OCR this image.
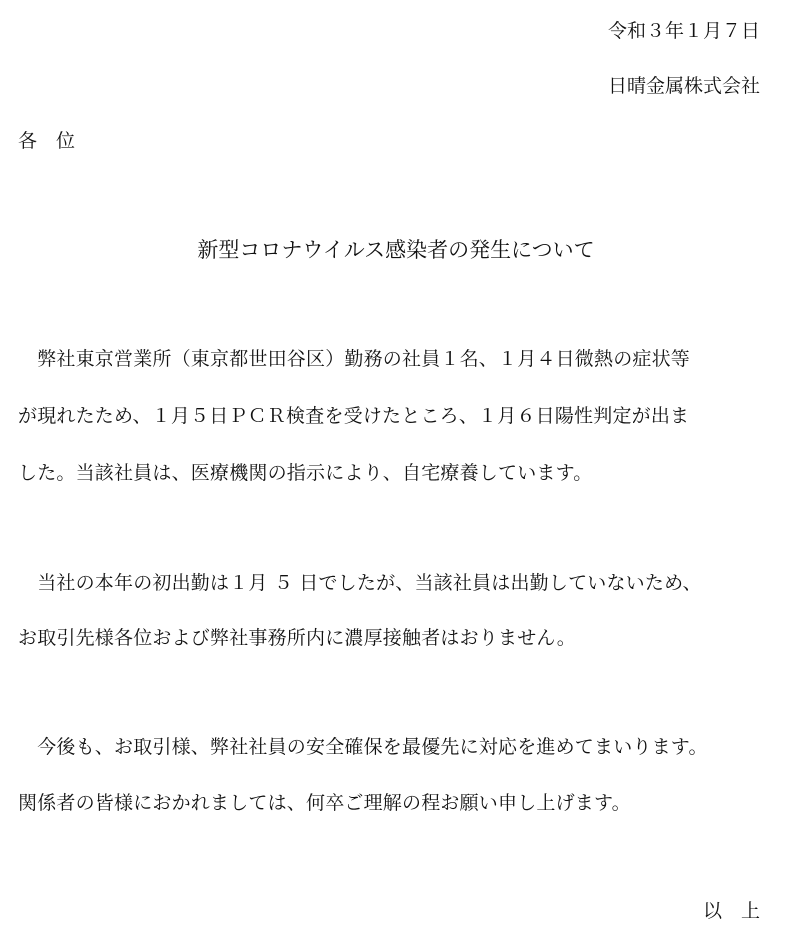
令和３年１月７日
日晴金属株式会社
各　位
新型コロナウイルス感染者の発生について
　弊社東京営業所（東京都世田谷区）勤務の社員１名、１月４日微熱の症状等
が現れたため、１月５日ＰＣＲ検査を受けたところ、１月６日陽性判定が出ま
した。当該社員は、医療機関の指示により、自宅療養しています。
　当社の本年の初出勤は１月 ５ 日でしたが、当該社員は出勤していないため、
お取引先様各位および弊社事務所内に濃厚接触者はおりません。
　今後も、お取引様、弊社社員の安全確保を最優先に対応を進めてまいります。
関係者の皆様におかれましては、何卒ご理解の程お願い申し上げます。
以　上
